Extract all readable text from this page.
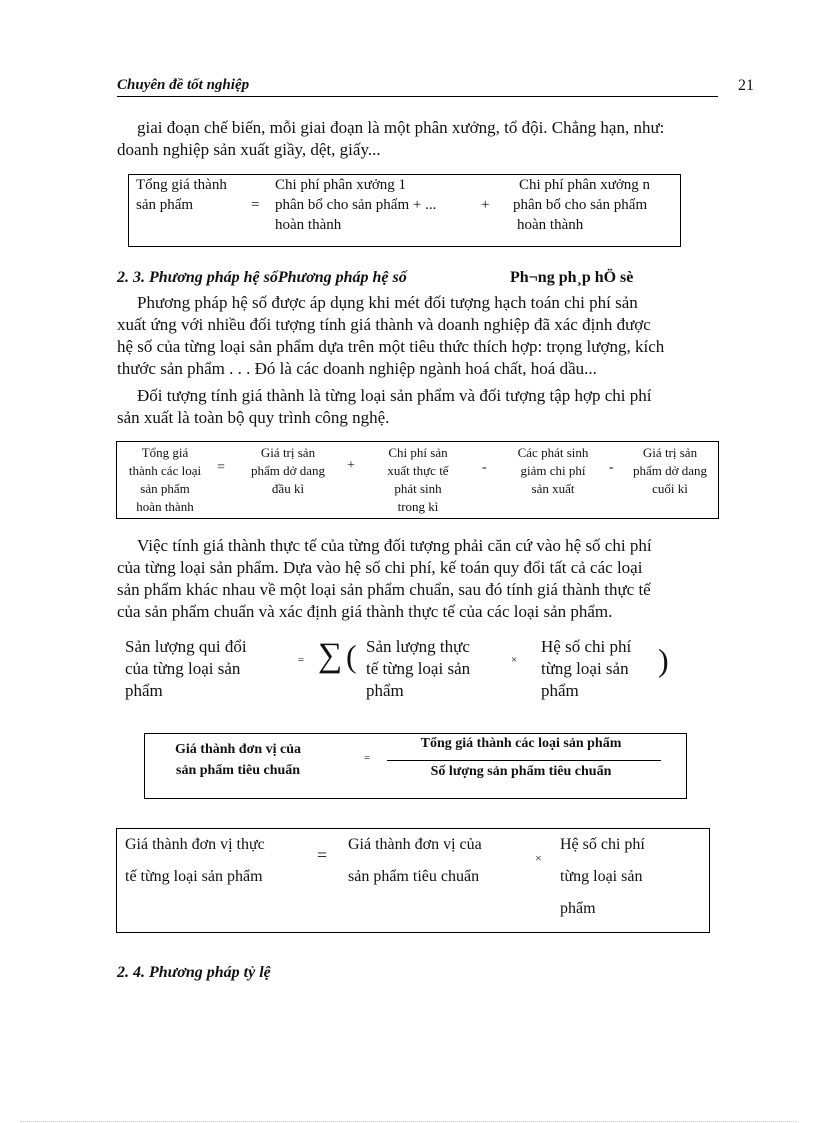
Chuyên đề tốt nghiệp	21
giai đoạn chế biến, mỗi giai đoạn là một phân xưởng, tổ đội. Chẳng hạn, như:
doanh nghiệp sản xuất giầy, dệt, giấy...
Tổng giá thành
sản phẩm	=
Chi phí phân xưởng 1
phân bổ cho sản phẩm + ...
hoàn thành
+
Chi phí phân xưởng n
phân bổ cho sản phẩm
hoàn thành
2. 3. Phương pháp hệ sốPhương pháp hệ số	Ph¬ng ph¸p hÖ sè
Phương pháp hệ số được áp dụng khi mét đối tượng hạch toán chi phí sản
xuất ứng với nhiều đối tượng tính giá thành và doanh nghiệp đã xác định được
hệ số của từng loại sản phẩm dựa trên một tiêu thức thích hợp: trọng lượng, kích
thước sản phẩm . . . Đó là các doanh nghiệp ngành hoá chất, hoá dầu...
Đối tượng tính giá thành là từng loại sản phẩm và đối tượng tập hợp chi phí
sản xuất là toàn bộ quy trình công nghệ.
Tổng giá
thành các loại
sản phẩm
hoàn thành
=
Giá trị sản
phẩm dở dang
đầu kì
+
Chi phí sản
xuất thực tế
phát sinh
trong kì
-
Các phát sinh
giảm chi phí
sản xuất
-
Giá trị sản
phẩm dở dang
cuối kì
Việc tính giá thành thực tế của từng đối tượng phải căn cứ vào hệ số chi phí
của từng loại sản phẩm. Dựa vào hệ số chi phí, kế toán quy đổi tất cả các loại
sản phẩm khác nhau về một loại sản phẩm chuẩn, sau đó tính giá thành thực tế
của sản phẩm chuẩn và xác định giá thành thực tế của các loại sản phẩm.
Sản lượng qui đổi
của từng loại sản
phẩm
= ∑ ( Sản lượng thực
tế từng loại sản
phẩm
×
Hệ số chi phí
từng loại sản
phẩm
)
Giá thành đơn vị của
sản phẩm tiêu chuẩn
=
Tổng giá thành các loại sản phẩm
Số lượng sản phẩm tiêu chuẩn
Giá thành đơn vị thực
tế từng loại sản phẩm
=
Giá thành đơn vị của
sản phẩm tiêu chuẩn
×
Hệ số chi phí
từng loại sản
phẩm
2. 4. Phương pháp tỷ lệ
